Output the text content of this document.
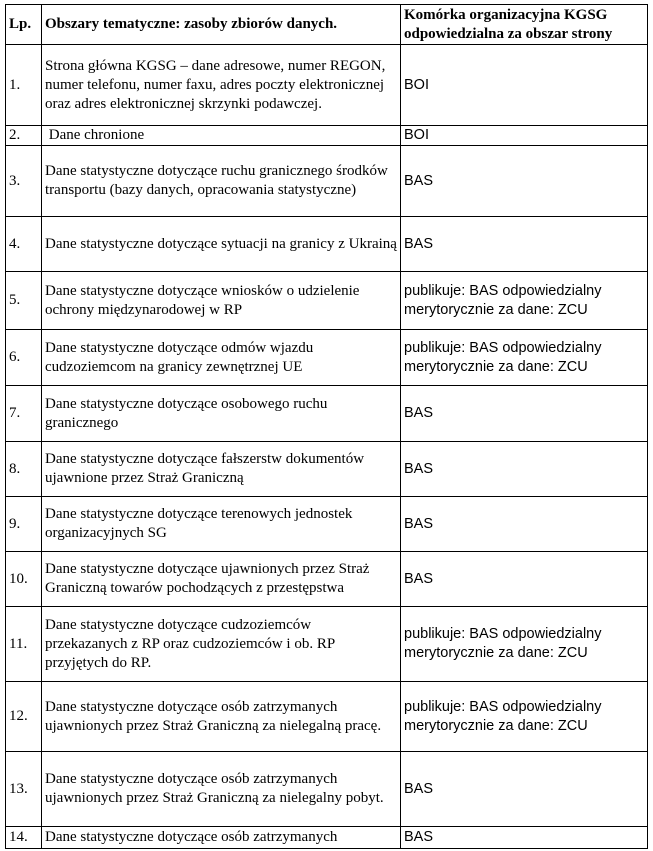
Lp.	Obszary tematyczne: zasoby zbiorów danych.	Komórka organizacyjna KGSG odpowiedzialna za obszar strony
1.	Strona główna KGSG – dane adresowe, numer REGON, numer telefonu, numer faxu, adres poczty elektronicznej oraz adres elektronicznej skrzynki podawczej.	BOI
2.	Dane chronione	BOI
3.	Dane statystyczne dotyczące ruchu granicznego środków transportu (bazy danych, opracowania statystyczne)	BAS
4.	Dane statystyczne dotyczące sytuacji na granicy z Ukrainą	BAS
5.	Dane statystyczne dotyczące wniosków o udzielenie ochrony międzynarodowej w RP	publikuje: BAS odpowiedzialny merytorycznie za dane: ZCU
6.	Dane statystyczne dotyczące odmów wjazdu cudzoziemcom na granicy zewnętrznej UE	publikuje: BAS odpowiedzialny merytorycznie za dane: ZCU
7.	Dane statystyczne dotyczące osobowego ruchu granicznego	BAS
8.	Dane statystyczne dotyczące fałszerstw dokumentów ujawnione przez Straż Graniczną	BAS
9.	Dane statystyczne dotyczące terenowych jednostek organizacyjnych SG	BAS
10.	Dane statystyczne dotyczące ujawnionych przez Straż Graniczną towarów pochodzących z przestępstwa	BAS
11.	Dane statystyczne dotyczące cudzoziemców przekazanych z RP oraz cudzoziemców i ob. RP przyjętych do RP.	publikuje: BAS odpowiedzialny merytorycznie za dane: ZCU
12.	Dane statystyczne dotyczące osób zatrzymanych ujawnionych przez Straż Graniczną za nielegalną pracę.	publikuje: BAS odpowiedzialny merytorycznie za dane: ZCU
13.	Dane statystyczne dotyczące osób zatrzymanych ujawnionych przez Straż Graniczną za nielegalny pobyt.	BAS
14.	Dane statystyczne dotyczące osób zatrzymanych	BAS
